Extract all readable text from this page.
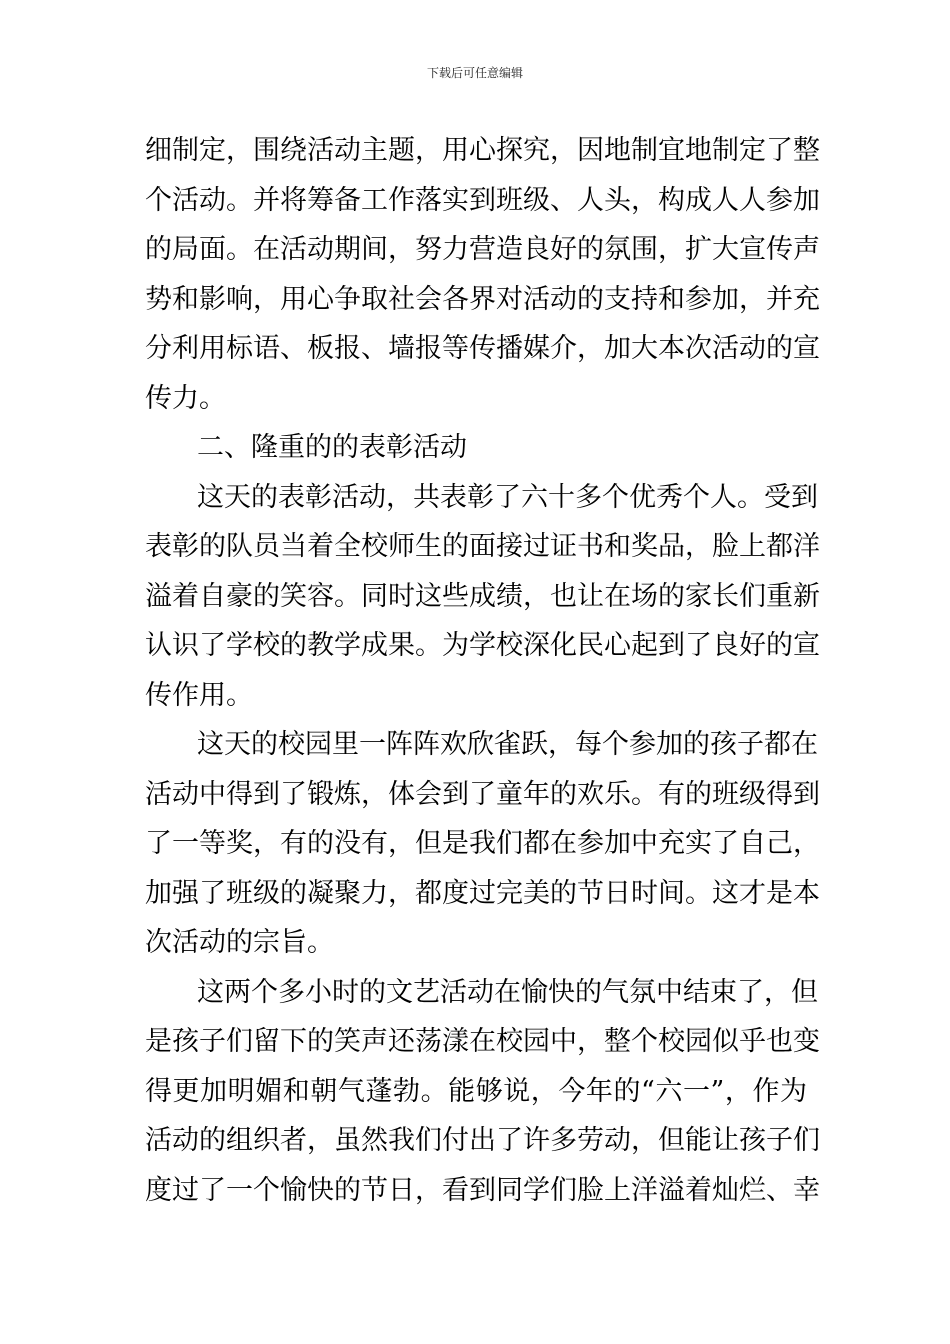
下载后可任意编辑
细制定，围绕活动主题，用心探究，因地制宜地制定了整
个活动。并将筹备工作落实到班级、人头，构成人人参加
的局面。在活动期间，努力营造良好的氛围，扩大宣传声
势和影响，用心争取社会各界对活动的支持和参加，并充
分利用标语、板报、墙报等传播媒介，加大本次活动的宣
传力。
二、隆重的的表彰活动
这天的表彰活动，共表彰了六十多个优秀个人。受到
表彰的队员当着全校师生的面接过证书和奖品，脸上都洋
溢着自豪的笑容。同时这些成绩，也让在场的家长们重新
认识了学校的教学成果。为学校深化民心起到了良好的宣
传作用。
这天的校园里一阵阵欢欣雀跃，每个参加的孩子都在
活动中得到了锻炼，体会到了童年的欢乐。有的班级得到
了一等奖，有的没有，但是我们都在参加中充实了自己，
加强了班级的凝聚力，都度过完美的节日时间。这才是本
次活动的宗旨。
这两个多小时的文艺活动在愉快的气氛中结束了，但
是孩子们留下的笑声还荡漾在校园中，整个校园似乎也变
得更加明媚和朝气蓬勃。能够说，今年的“六一”，作为
活动的组织者，虽然我们付出了许多劳动，但能让孩子们
度过了一个愉快的节日，看到同学们脸上洋溢着灿烂、幸
